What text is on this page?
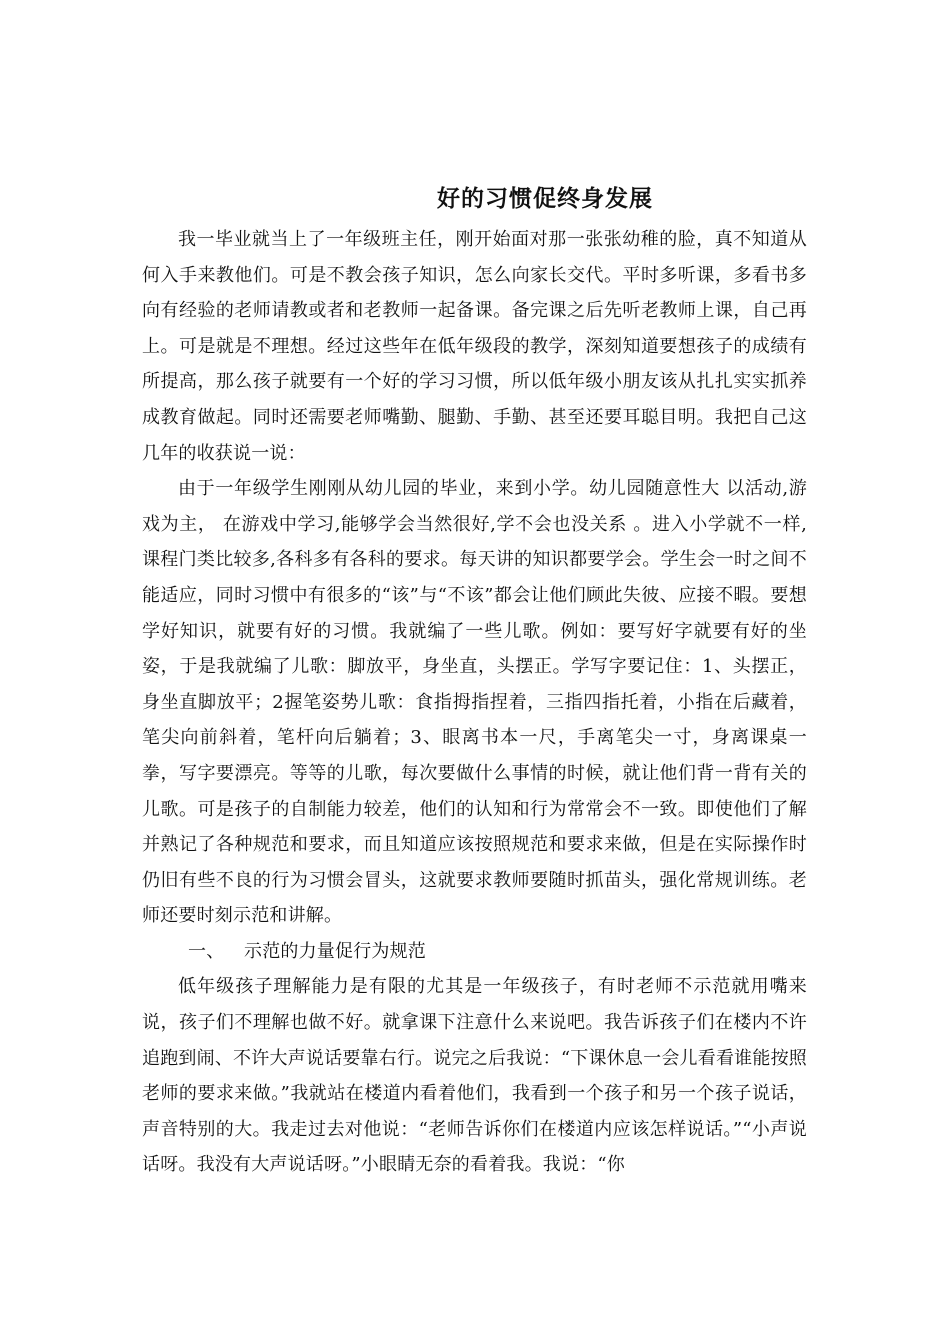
好的习惯促终身发展

我一毕业就当上了一年级班主任，刚开始面对那一张张幼稚的脸，真不知道从何入手来教他们。可是不教会孩子知识，怎么向家长交代。平时多听课，多看书多向有经验的老师请教或者和老教师一起备课。备完课之后先听老教师上课，自己再上。可是就是不理想。经过这些年在低年级段的教学，深刻知道要想孩子的成绩有所提高，那么孩子就要有一个好的学习习惯，所以低年级小朋友该从扎扎实实抓养成教育做起。同时还需要老师嘴勤、腿勤、手勤、甚至还要耳聪目明。我把自己这几年的收获说一说：

由于一年级学生刚刚从幼儿园的毕业，来到小学。幼儿园随意性大 以活动,游戏为主， 在游戏中学习,能够学会当然很好,学不会也没关系 。进入小学就不一样,课程门类比较多,各科多有各科的要求。每天讲的知识都要学会。学生会一时之间不能适应，同时习惯中有很多的“该”与“不该”都会让他们顾此失彼、应接不暇。要想学好知识，就要有好的习惯。我就编了一些儿歌。例如：要写好字就要有好的坐姿，于是我就编了儿歌：脚放平，身坐直，头摆正。学写字要记住：1、头摆正，身坐直脚放平；2握笔姿势儿歌：食指拇指捏着，三指四指托着，小指在后藏着，笔尖向前斜着，笔杆向后躺着；3、眼离书本一尺，手离笔尖一寸，身离课桌一拳，写字要漂亮。等等的儿歌，每次要做什么事情的时候，就让他们背一背有关的儿歌。可是孩子的自制能力较差，他们的认知和行为常常会不一致。即使他们了解并熟记了各种规范和要求，而且知道应该按照规范和要求来做，但是在实际操作时仍旧有些不良的行为习惯会冒头，这就要求教师要随时抓苗头，强化常规训练。老师还要时刻示范和讲解。

一、 示范的力量促行为规范

低年级孩子理解能力是有限的尤其是一年级孩子，有时老师不示范就用嘴来说，孩子们不理解也做不好。就拿课下注意什么来说吧。我告诉孩子们在楼内不许追跑到闹、不许大声说话要靠右行。说完之后我说：“下课休息一会儿看看谁能按照老师的要求来做。”我就站在楼道内看着他们，我看到一个孩子和另一个孩子说话，声音特别的大。我走过去对他说：“老师告诉你们在楼道内应该怎样说话。”“小声说话呀。我没有大声说话呀。”小眼睛无奈的看着我。我说：“你
